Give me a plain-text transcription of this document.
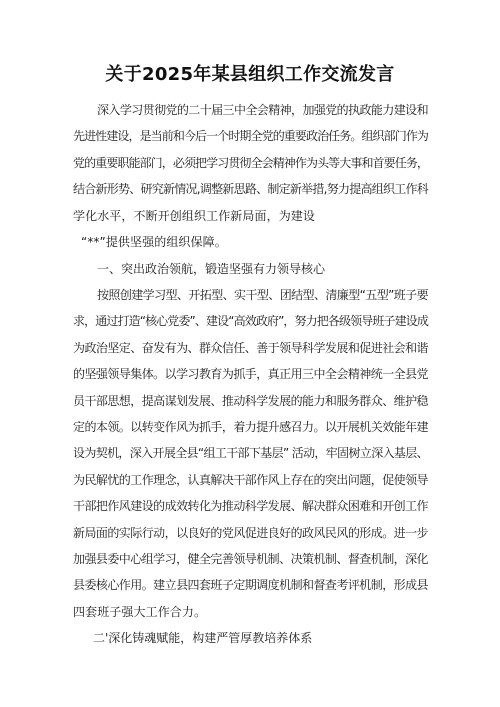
关于2025年某县组织工作交流发言
深入学习贯彻党的二十届三中全会精神，加强党的执政能力建设和
先进性建设，是当前和今后一个时期全党的重要政治任务。组织部门作为
党的重要职能部门，必须把学习贯彻全会精神作为头等大事和首要任务，
结合新形势、研究新情况,调整新思路、制定新举措,努力提高组织工作科
学化水平，不断开创组织工作新局面，为建设
“**”提供坚强的组织保障。
一、突出政治领航，锻造坚强有力领导核心
按照创建学习型、开拓型、实干型、团结型、清廉型“五型”班子要
求，通过打造“核心党委”、建设“高效政府”，努力把各级领导班子建设成
为政治坚定、奋发有为、群众信任、善于领导科学发展和促进社会和谐
的坚强领导集体。以学习教育为抓手，真正用三中全会精神统一全县党
员干部思想，提高谋划发展、推动科学发展的能力和服务群众、维护稳
定的本领。以转变作风为抓手，着力提升感召力。以开展机关效能年建
设为契机，深入开展全县“组工干部下基层” 活动，牢固树立深入基层、
为民解忧的工作理念，认真解决干部作风上存在的突出问题，促使领导
干部把作风建设的成效转化为推动科学发展、解决群众困难和开创工作
新局面的实际行动，以良好的党风促进良好的政风民风的形成。进一步
加强县委中心组学习，健全完善领导机制、决策机制、督查机制，深化
县委核心作用。建立县四套班子定期调度机制和督查考评机制，形成县
四套班子强大工作合力。
二'深化铸魂赋能，构建严管厚教培养体系
